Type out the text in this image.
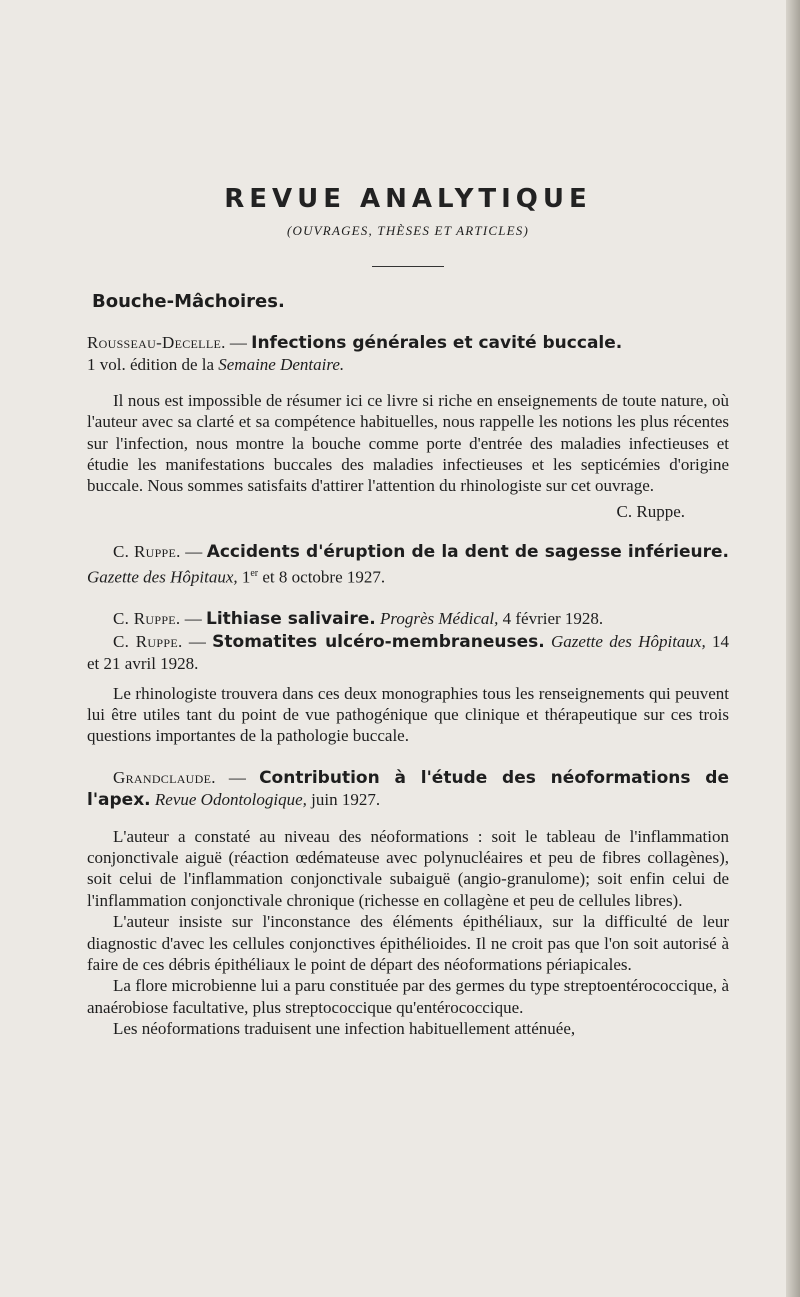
REVUE ANALYTIQUE
(OUVRAGES, THÈSES ET ARTICLES)
Bouche-Mâchoires.

Rousseau-Decelle. — Infections générales et cavité buccale.
1 vol. édition de la Semaine Dentaire.

Il nous est impossible de résumer ici ce livre si riche en enseignements de toute nature, où l'auteur avec sa clarté et sa compétence habituelles, nous rappelle les notions les plus récentes sur l'infection, nous montre la bouche comme porte d'entrée des maladies infectieuses et étudie les manifestations buccales des maladies infectieuses et les septicémies d'origine buccale. Nous sommes satisfaits d'attirer l'attention du rhinologiste sur cet ouvrage.

C. Ruppe.

C. Ruppe. — Accidents d'éruption de la dent de sagesse inférieure. Gazette des Hôpitaux, 1er et 8 octobre 1927.

C. Ruppe. — Lithiase salivaire. Progrès Médical, 4 février 1928.

C. Ruppe. — Stomatites ulcéro-membraneuses. Gazette des Hôpitaux, 14 et 21 avril 1928.

Le rhinologiste trouvera dans ces deux monographies tous les renseignements qui peuvent lui être utiles tant du point de vue pathogénique que clinique et thérapeutique sur ces trois questions importantes de la pathologie buccale.

Grandclaude. — Contribution à l'étude des néoformations de l'apex. Revue Odontologique, juin 1927.

L'auteur a constaté au niveau des néoformations : soit le tableau de l'inflammation conjonctivale aiguë (réaction œdémateuse avec polynucléaires et peu de fibres collagènes), soit celui de l'inflammation conjonctivale subaiguë (angio-granulome); soit enfin celui de l'inflammation conjonctivale chronique (richesse en collagène et peu de cellules libres).

L'auteur insiste sur l'inconstance des éléments épithéliaux, sur la difficulté de leur diagnostic d'avec les cellules conjonctives épithélioides. Il ne croit pas que l'on soit autorisé à faire de ces débris épithéliaux le point de départ des néoformations périapicales.

La flore microbienne lui a paru constituée par des germes du type streptoentérococcique, à anaérobiose facultative, plus streptococcique qu'entérococcique.

Les néoformations traduisent une infection habituellement atténuée,
